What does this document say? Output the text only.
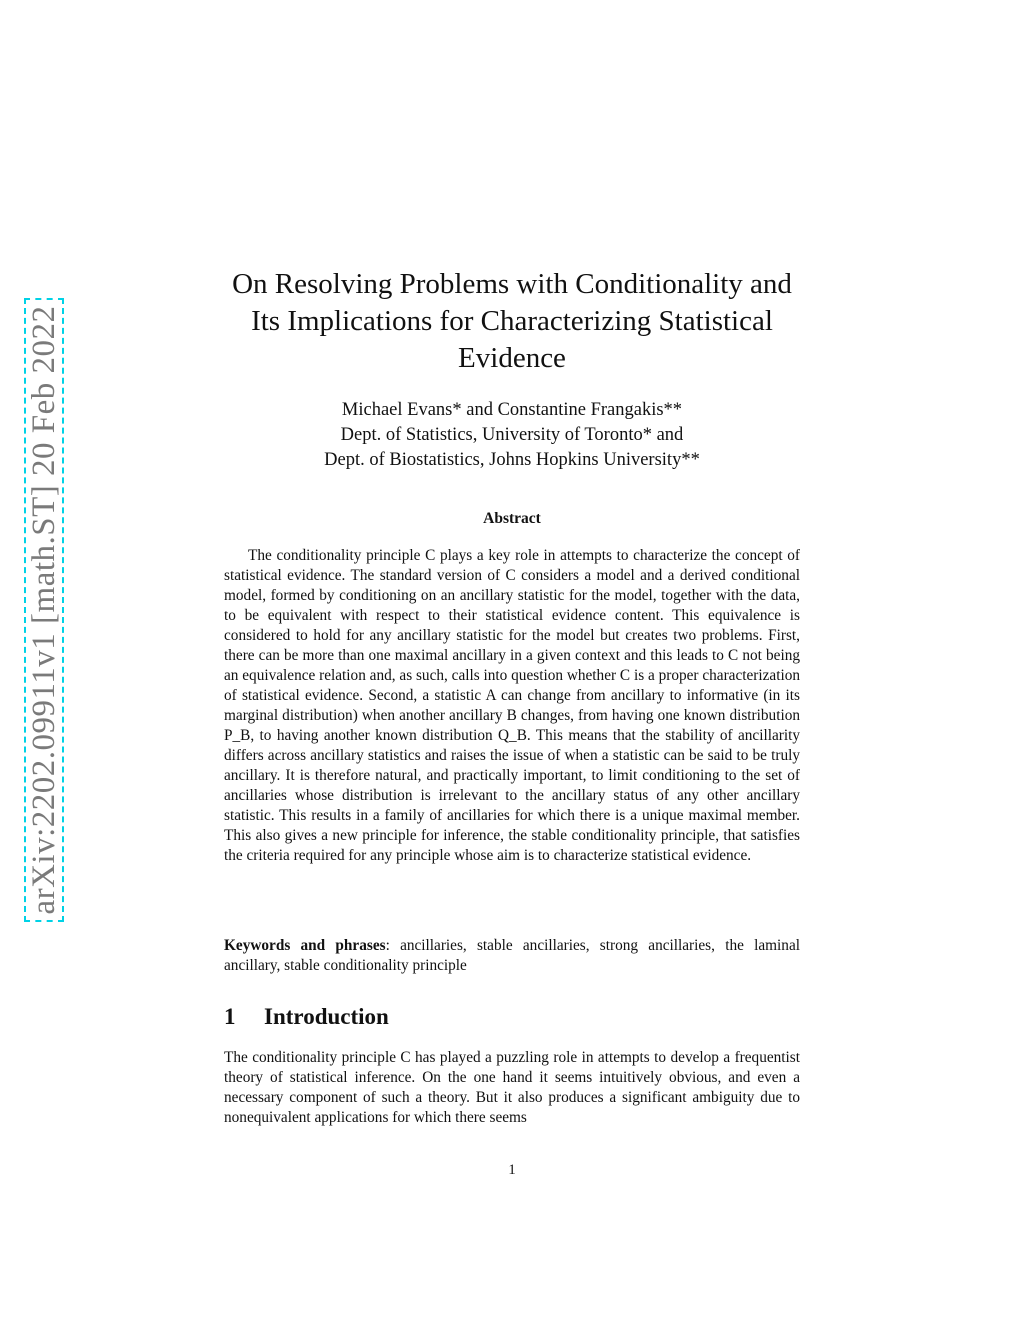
arXiv:2202.09911v1 [math.ST] 20 Feb 2022
On Resolving Problems with Conditionality and
Its Implications for Characterizing Statistical
Evidence
Michael Evans* and Constantine Frangakis**
Dept. of Statistics, University of Toronto* and
Dept. of Biostatistics, Johns Hopkins University**
Abstract

The conditionality principle C plays a key role in attempts to characterize the concept of statistical evidence. The standard version of C considers a model and a derived conditional model, formed by conditioning on an ancillary statistic for the model, together with the data, to be equivalent with respect to their statistical evidence content. This equivalence is considered to hold for any ancillary statistic for the model but creates two problems. First, there can be more than one maximal ancillary in a given context and this leads to C not being an equivalence relation and, as such, calls into question whether C is a proper characterization of statistical evidence. Second, a statistic A can change from ancillary to informative (in its marginal distribution) when another ancillary B changes, from having one known distribution P_B, to having another known distribution Q_B. This means that the stability of ancillarity differs across ancillary statistics and raises the issue of when a statistic can be said to be truly ancillary. It is therefore natural, and practically important, to limit conditioning to the set of ancillaries whose distribution is irrelevant to the ancillary status of any other ancillary statistic. This results in a family of ancillaries for which there is a unique maximal member. This also gives a new principle for inference, the stable conditionality principle, that satisfies the criteria required for any principle whose aim is to characterize statistical evidence.

Keywords and phrases: ancillaries, stable ancillaries, strong ancillaries, the laminal ancillary, stable conditionality principle

1 Introduction

The conditionality principle C has played a puzzling role in attempts to develop a frequentist theory of statistical inference. On the one hand it seems intuitively obvious, and even a necessary component of such a theory. But it also produces a significant ambiguity due to nonequivalent applications for which there seems

1
